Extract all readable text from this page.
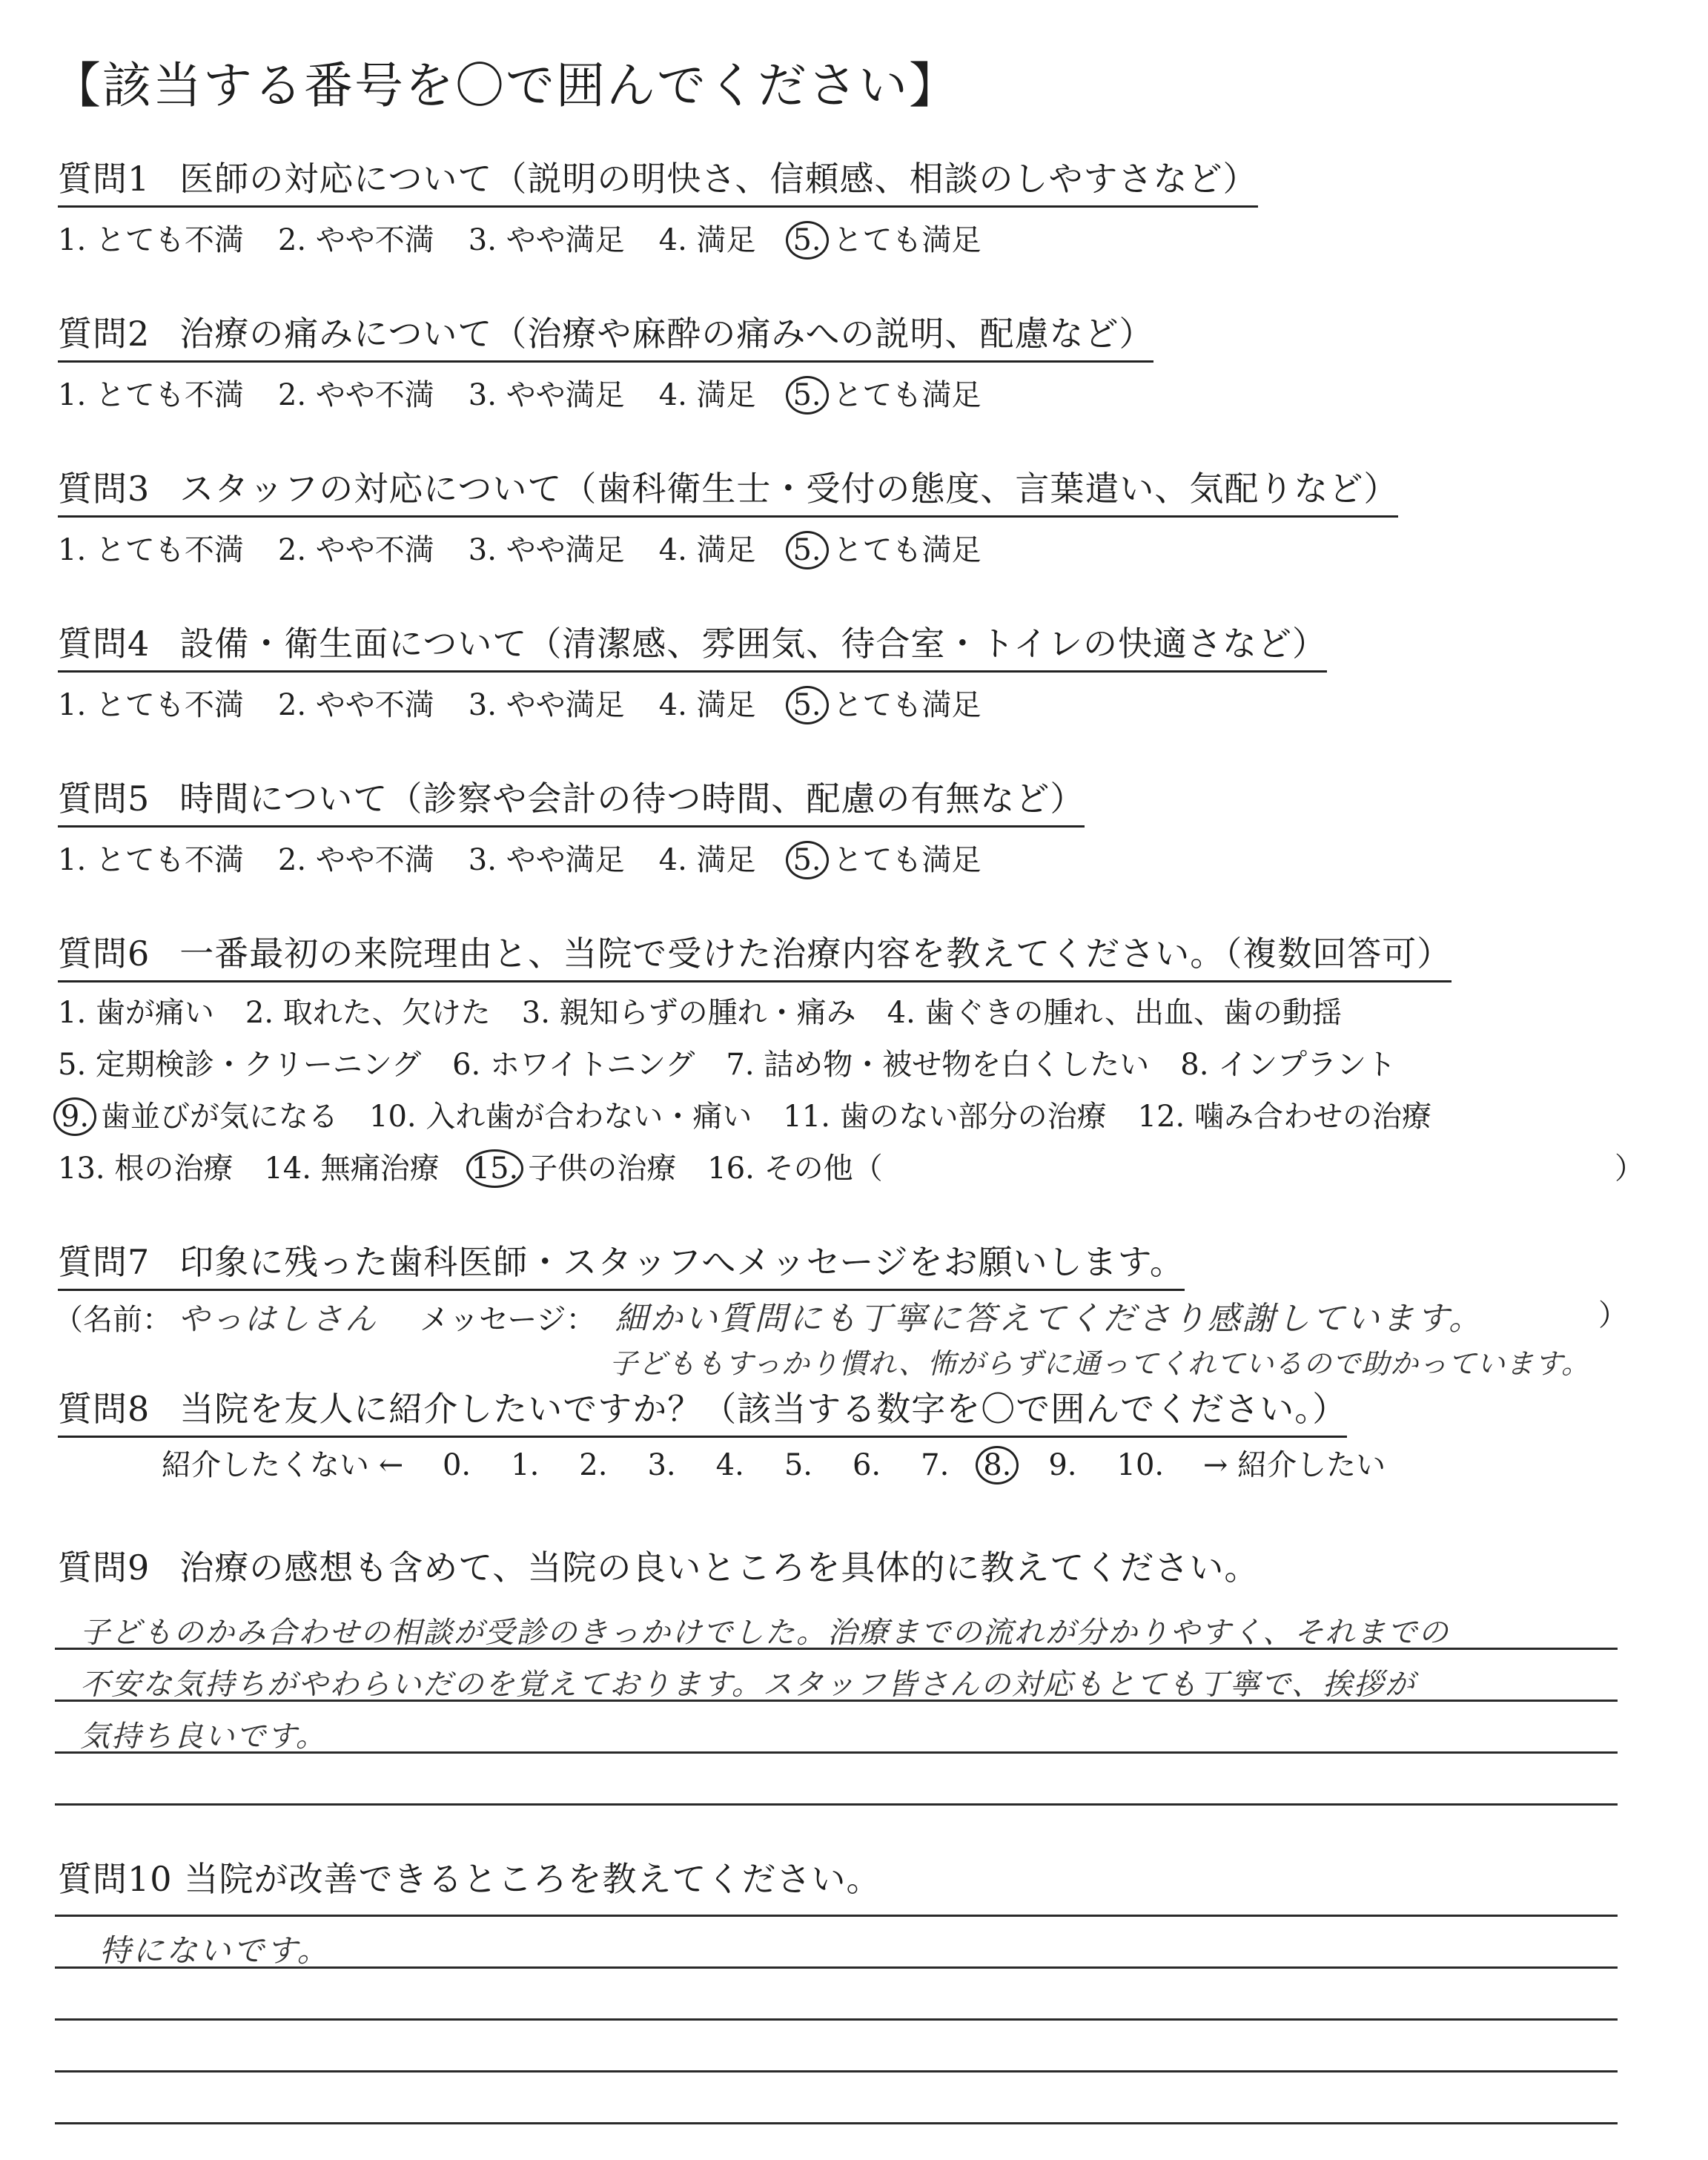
【該当する番号を〇で囲んでください】
質問1 医師の対応について（説明の明快さ、信頼感、相談のしやすさなど）
1. とても不満 2. やや不満 3. やや満足 4. 満足 5. とても満足
質問2 治療の痛みについて（治療や麻酔の痛みへの説明、配慮など）
1. とても不満 2. やや不満 3. やや満足 4. 満足 5. とても満足
質問3 スタッフの対応について（歯科衛生士・受付の態度、言葉遣い、気配りなど）
1. とても不満 2. やや不満 3. やや満足 4. 満足 5. とても満足
質問4 設備・衛生面について（清潔感、雰囲気、待合室・トイレの快適さなど）
1. とても不満 2. やや不満 3. やや満足 4. 満足 5. とても満足
質問5 時間について（診察や会計の待つ時間、配慮の有無など）
1. とても不満 2. やや不満 3. やや満足 4. 満足 5. とても満足
質問6 一番最初の来院理由と、当院で受けた治療内容を教えてください。（複数回答可）
1. 歯が痛い 2. 取れた、欠けた 3. 親知らずの腫れ・痛み 4. 歯ぐきの腫れ、出血、歯の動揺
5. 定期検診・クリーニング 6. ホワイトニング 7. 詰め物・被せ物を白くしたい 8. インプラント
9. 歯並びが気になる 10. 入れ歯が合わない・痛い 11. 歯のない部分の治療 12. 噛み合わせの治療
13. 根の治療 14. 無痛治療 15. 子供の治療 16. その他（	）
質問7 印象に残った歯科医師・スタッフへメッセージをお願いします。
（名前： やっはしさん メッセージ： 細かい質問にも丁寧に答えてくださり感謝しています。	）
子どももすっかり慣れ、怖がらずに通ってくれているので助かっています。
質問8 当院を友人に紹介したいですか？（該当する数字を〇で囲んでください。）
紹介したくない ← 0. 1. 2. 3. 4. 5. 6. 7. 8. 9. 10. → 紹介したい
質問9 治療の感想も含めて、当院の良いところを具体的に教えてください。
子どものかみ合わせの相談が受診のきっかけでした。治療までの流れが分かりやすく、それまでの
不安な気持ちがやわらいだのを覚えております。スタッフ皆さんの対応もとても丁寧で、挨拶が
気持ち良いです。
質問10 当院が改善できるところを教えてください。
特にないです。
